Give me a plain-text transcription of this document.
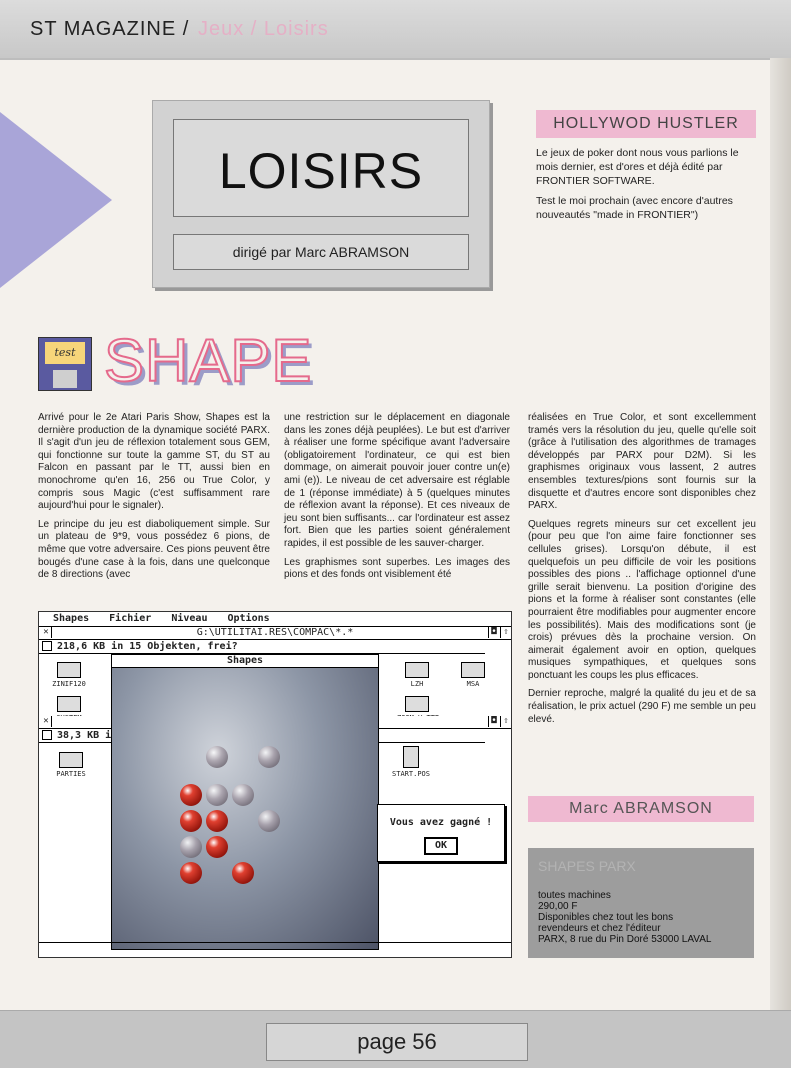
ST MAGAZINE / Jeux / Loisirs
LOISIRS
dirigé par Marc ABRAMSON
HOLLYWOD HUSTLER

Le jeux de poker dont nous vous parlions le mois dernier, est d'ores et déjà édité par FRONTIER SOFTWARE.

Test le moi prochain (avec encore d'autres nouveautés "made in FRONTIER")

test SHAPE

Arrivé pour le 2e Atari Paris Show, Shapes est la dernière production de la dynamique société PARX. Il s'agit d'un jeu de réflexion totalement sous GEM, qui fonctionne sur toute la gamme ST, du ST au Falcon en passant par le TT, aussi bien en monochrome qu'en 16, 256 ou True Color, y compris sous Magic (c'est suffisamment rare aujourd'hui pour le signaler).

Le principe du jeu est diaboliquement simple. Sur un plateau de 9*9, vous possédez 6 pions, de même que votre adversaire. Ces pions peuvent être bougés d'une case à la fois, dans une quelconque de 8 directions (avec

une restriction sur le déplacement en diagonale dans les zones déjà peuplées). Le but est d'arriver à réaliser une forme spécifique avant l'adversaire (obligatoirement l'ordinateur, ce qui est bien dommage, on aimerait pouvoir jouer contre un(e) ami (e)). Le niveau de cet adversaire est réglable de 1 (réponse immédiate) à 5 (quelques minutes de réflexion avant la réponse). Et ces niveaux de jeu sont bien suffisants... car l'ordinateur est assez fort. Bien que les parties soient généralement rapides, il est possible de les sauver-charger.

Les graphismes sont superbes. Les images des pions et des fonds ont visiblement été

réalisées en True Color, et sont excellemment tramés vers la résolution du jeu, quelle qu'elle soit (grâce à l'utilisation des algorithmes de tramages développés par PARX pour D2M). Si les graphismes originaux vous lassent, 2 autres ensembles textures/pions sont fournis sur la disquette et d'autres encore sont disponibles chez PARX.

Quelques regrets mineurs sur cet excellent jeu (pour peu que l'on aime faire fonctionner ses cellules grises). Lorsqu'on débute, il est quelquefois un peu difficile de voir les positions possibles des pions .. l'affichage optionnel d'une grille serait bienvenu. La position d'origine des pions et la forme à réaliser sont constantes (elle pourraient être modifiables pour augmenter encore les possibilités). Mais des modifications sont (je crois) prévues dès la prochaine version. On aimerait également avoir en option, quelques musiques sympathiques, et quelques sons ponctuant les coups les plus efficaces.

Dernier reproche, malgré la qualité du jeu et de sa réalisation, le prix actuel (290 F) me semble un peu elevé.

Shapes Fichier Niveau Options
✕	G:\UTILITAI.RES\COMPAC\*.*	◘ ⇧
218,6 KB in 15 Objekten, frei?
ZINIF120	LZH	MSA
✕	◘ ⇧
38,3 KB i
PARTIES	START.POS
Shapes
Vous avez gagné !
OK
Marc ABRAMSON
SHAPES PARX
toutes machines
290,00 F
Disponibles chez tout les bons
revendeurs et chez l'éditeur
PARX, 8 rue du Pin Doré 53000 LAVAL
page 56
